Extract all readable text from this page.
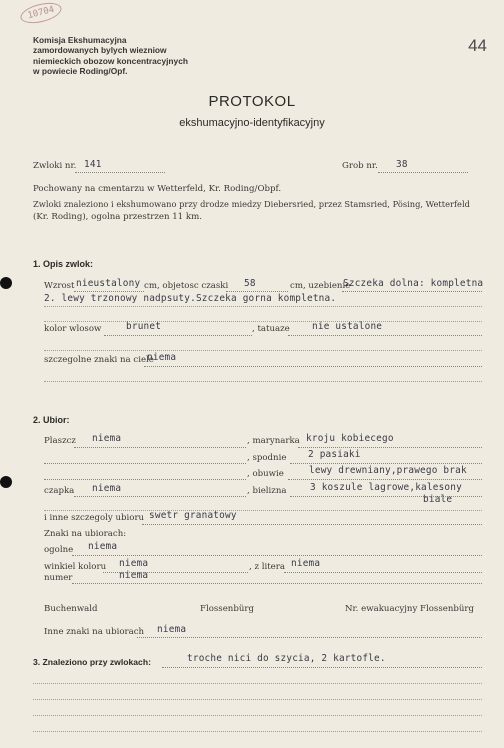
10704
44
Komisja Ekshumacyjna
zamordowanych bylych wiezniow
niemieckich obozow koncentracyjnych
w powiecie Roding/Opf.
PROTOKOL
ekshumacyjno-identyfikacyjny
Zwloki nr. 141	Grob nr. 38
Pochowany na cmentarzu w Wetterfeld, Kr. Roding/Obpf.
Zwloki znaleziono i ekshumowano przy drodze miedzy Diebersried, przez Stamsried, Pösing, Wetterfeld
(Kr. Roding), ogolna przestrzen 11 km.
1. Opis zwlok:
Wzrost nieustalony cm, objetosc czaski 58	cm, uzebienie
Szczeka dolna: kompletna
2. lewy trzonowy nadpsuty.Szczeka gorna kompletna.
kolor wlosow	brunet	, tatuaze nie ustalone
szczegolne znaki na ciele
niema
2. Ubior:
Plaszcz niema	, marynarka kroju kobiecego
, spodnie 2 pasiaki
, obuwie	lewy drewniany,prawego brak
czapka niema	, bielizna	3 koszule lagrowe,kalesony
biale
i inne szczegoly ubioru swetr granatowy
Znaki na ubiorach:
ogolne niema
winkiel koloru niema	, z litera niema
numer	niema
Buchenwald	Flossenbürg	Nr. ewakuacyjny Flossenbürg
Inne znaki na ubiorach niema
3. Znaleziono przy zwlokach:	troche nici do szycia, 2 kartofle.
